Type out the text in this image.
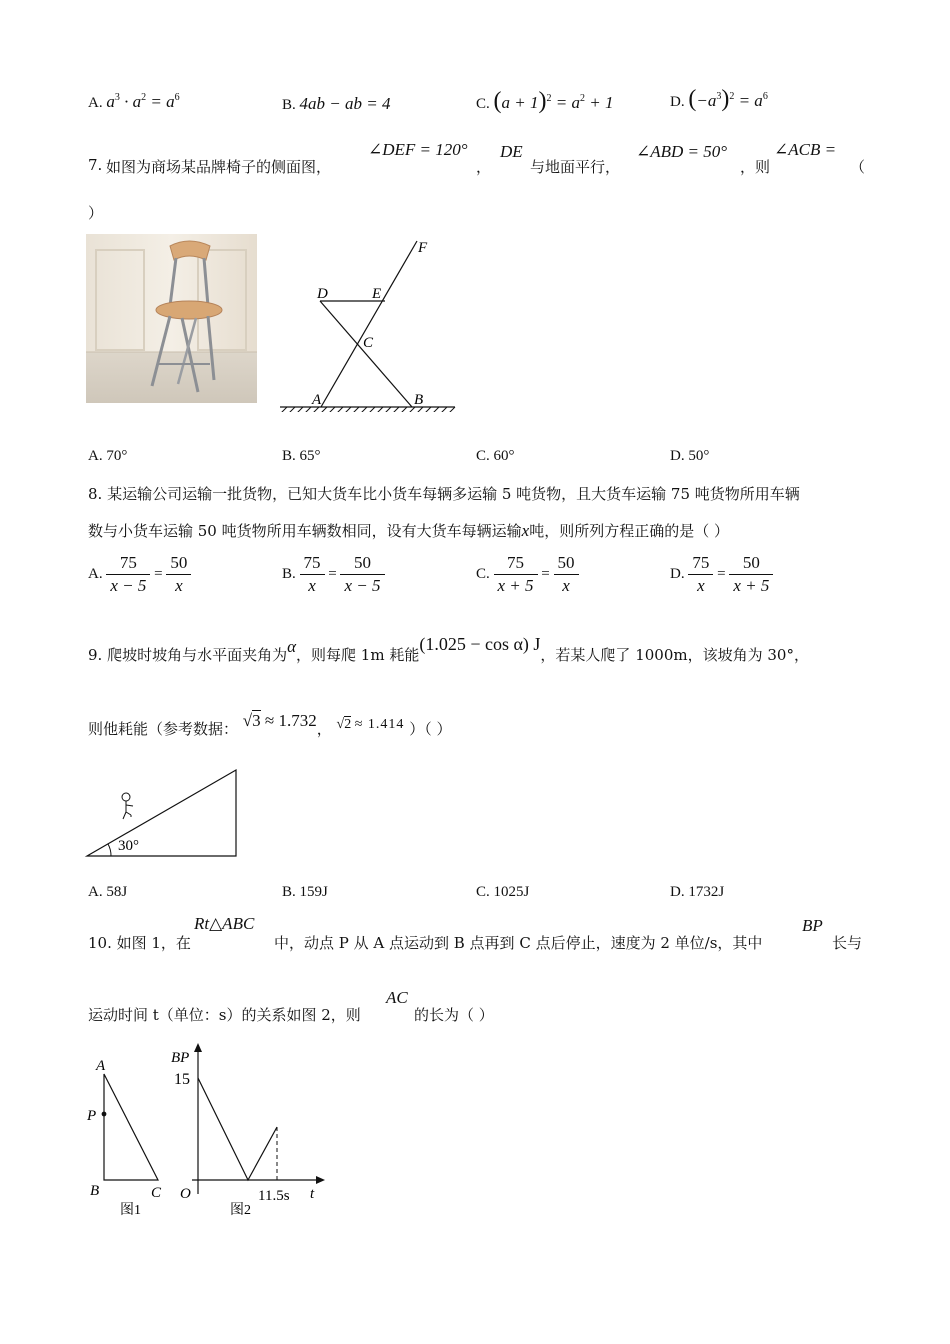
A. $a^3 \cdot a^2 = a^6$	B. 4ab − ab = 4	C. $(a + 1)^2 = a^2 + 1$	D. $(-a^3)^2 = a^6$
7. 如图为商场某品牌椅子的侧面图，
∠DEF = 120°
，
DE
与地面平行，
∠ABD = 50°
，则
∠ACB =
（
）
D	E
F
C
A	B
A. 70°	B. 65°	C. 60°	D. 50°
8. 某运输公司运输一批货物，已知大货车比小货车每辆多运输 5 吨货物，且大货车运输 75 吨货物所用车辆
数与小货车运输 50 吨货物所用车辆数相同，设有大货车每辆运输x吨，则所列方程正确的是（ ）
A. $\frac{75}{x - 5} = \frac{50}{x}$	B. $\frac{75}{x} = \frac{50}{x - 5}$	C. $\frac{75}{x + 5} = \frac{50}{x}$	D. $\frac{75}{x} = \frac{50}{x + 5}$
9. 爬坡时坡角与水平面夹角为α，则每爬 1m 耗能(1.025 − cos α) J，若某人爬了 1000m，该坡角为 30°，
则他耗能（参考数据： √3 ≈ 1.732， √2 ≈ 1.414 ）（ ）
30°
A. 58J	B. 159J	C. 1025J	D. 1732J
10. 如图 1，在
Rt△ABC
中，动点 P 从 A 点运动到 B 点再到 C 点后停止，速度为 2 单位/s，其中
BP
长与
运动时间 t（单位：s）的关系如图 2，则
AC
的长为（ ）
A
P
B	C
图1
BP
15
O	11.5s t
图2
